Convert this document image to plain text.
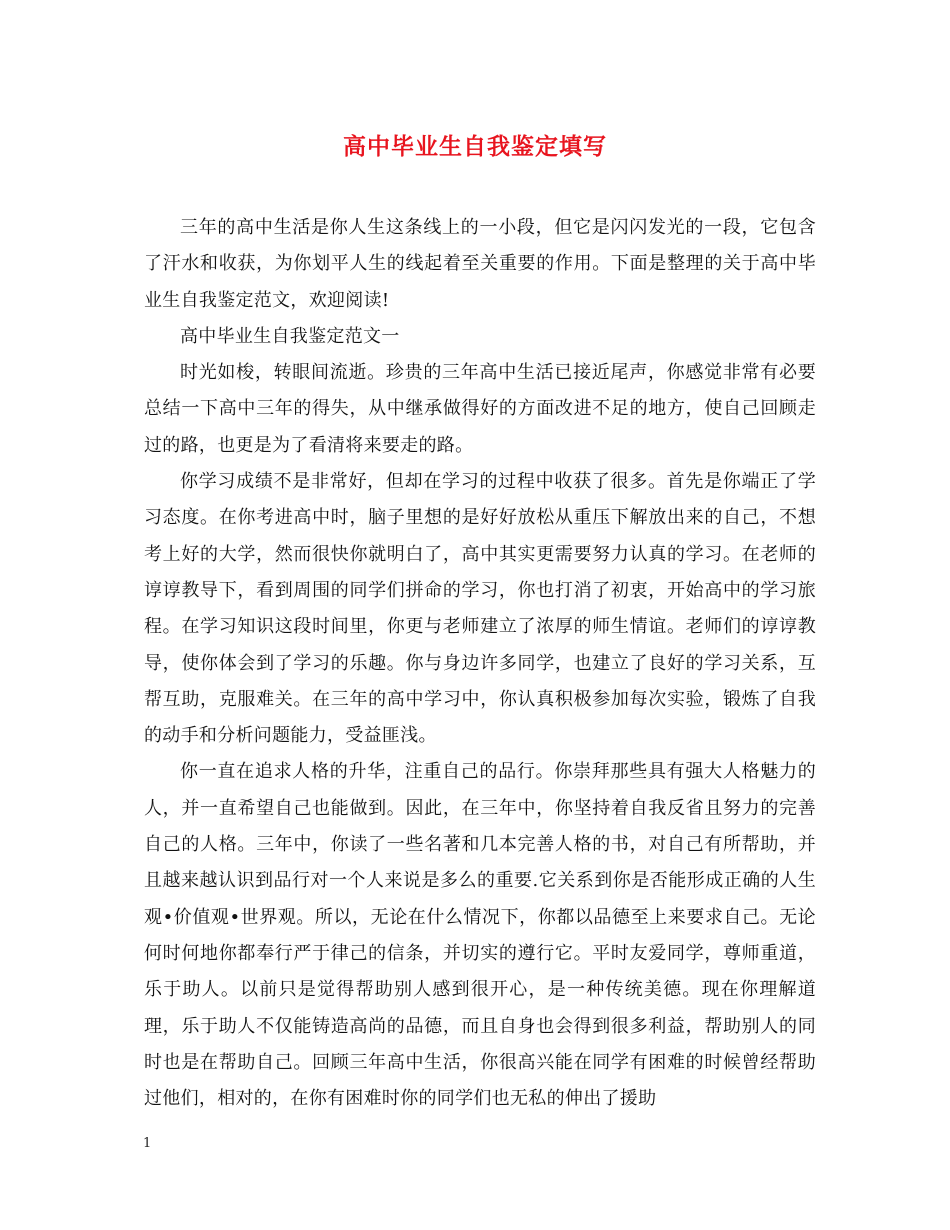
高中毕业生自我鉴定填写

三年的高中生活是你人生这条线上的一小段，但它是闪闪发光的一段，它包含了汗水和收获，为你划平人生的线起着至关重要的作用。下面是整理的关于高中毕业生自我鉴定范文，欢迎阅读!

高中毕业生自我鉴定范文一

时光如梭，转眼间流逝。珍贵的三年高中生活已接近尾声，你感觉非常有必要总结一下高中三年的得失，从中继承做得好的方面改进不足的地方，使自己回顾走过的路，也更是为了看清将来要走的路。

你学习成绩不是非常好，但却在学习的过程中收获了很多。首先是你端正了学习态度。在你考进高中时，脑子里想的是好好放松从重压下解放出来的自己，不想考上好的大学，然而很快你就明白了，高中其实更需要努力认真的学习。在老师的谆谆教导下，看到周围的同学们拼命的学习，你也打消了初衷，开始高中的学习旅程。在学习知识这段时间里，你更与老师建立了浓厚的师生情谊。老师们的谆谆教导，使你体会到了学习的乐趣。你与身边许多同学，也建立了良好的学习关系，互帮互助，克服难关。在三年的高中学习中，你认真积极参加每次实验，锻炼了自我的动手和分析问题能力，受益匪浅。

你一直在追求人格的升华，注重自己的品行。你崇拜那些具有强大人格魅力的人，并一直希望自己也能做到。因此，在三年中，你坚持着自我反省且努力的完善自己的人格。三年中，你读了一些名著和几本完善人格的书，对自己有所帮助，并且越来越认识到品行对一个人来说是多么的重要.它关系到你是否能形成正确的人生观•价值观•世界观。所以，无论在什么情况下，你都以品德至上来要求自己。无论何时何地你都奉行严于律己的信条，并切实的遵行它。平时友爱同学，尊师重道，乐于助人。以前只是觉得帮助别人感到很开心，是一种传统美德。现在你理解道理，乐于助人不仅能铸造高尚的品德，而且自身也会得到很多利益，帮助别人的同时也是在帮助自己。回顾三年高中生活，你很高兴能在同学有困难的时候曾经帮助过他们，相对的，在你有困难时你的同学们也无私的伸出了援助

1
